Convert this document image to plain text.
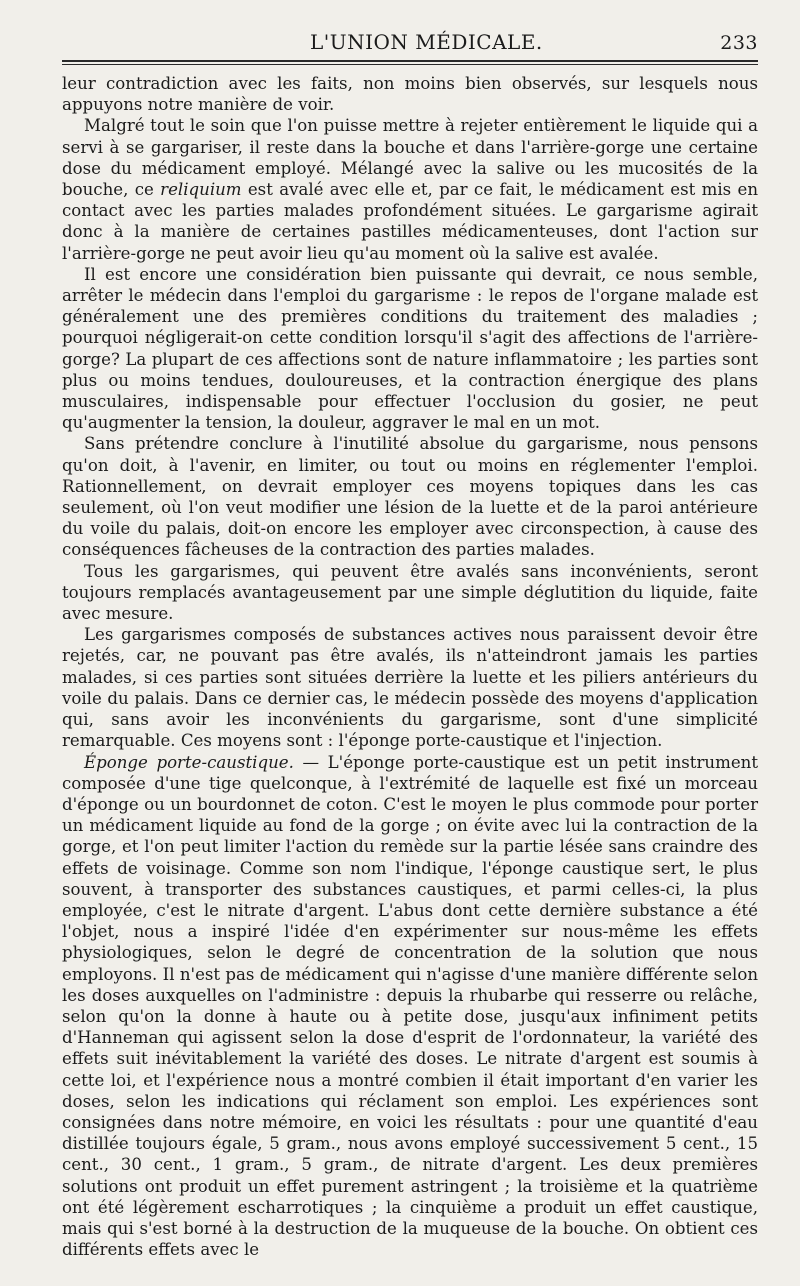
L'UNION MÉDICALE.	233

leur contradiction avec les faits, non moins bien observés, sur lesquels nous appuyons notre manière de voir.

Malgré tout le soin que l'on puisse mettre à rejeter entièrement le liquide qui a servi à se gargariser, il reste dans la bouche et dans l'arrière-gorge une certaine dose du médicament employé. Mélangé avec la salive ou les mucosités de la bouche, ce reliquium est avalé avec elle et, par ce fait, le médicament est mis en contact avec les parties malades profondément situées. Le gargarisme agirait donc à la manière de certaines pastilles médicamenteuses, dont l'action sur l'arrière-gorge ne peut avoir lieu qu'au moment où la salive est avalée.

Il est encore une considération bien puissante qui devrait, ce nous semble, arrêter le médecin dans l'emploi du gargarisme : le repos de l'organe malade est généralement une des premières conditions du traitement des maladies ; pourquoi négligerait-on cette condition lorsqu'il s'agit des affections de l'arrière-gorge? La plupart de ces affections sont de nature inflammatoire ; les parties sont plus ou moins tendues, douloureuses, et la contraction énergique des plans musculaires, indispensable pour effectuer l'occlusion du gosier, ne peut qu'augmenter la tension, la douleur, aggraver le mal en un mot.

Sans prétendre conclure à l'inutilité absolue du gargarisme, nous pensons qu'on doit, à l'avenir, en limiter, ou tout ou moins en réglementer l'emploi. Rationnellement, on devrait employer ces moyens topiques dans les cas seulement, où l'on veut modifier une lésion de la luette et de la paroi antérieure du voile du palais, doit-on encore les employer avec circonspection, à cause des conséquences fâcheuses de la contraction des parties malades.

Tous les gargarismes, qui peuvent être avalés sans inconvénients, seront toujours remplacés avantageusement par une simple déglutition du liquide, faite avec mesure.

Les gargarismes composés de substances actives nous paraissent devoir être rejetés, car, ne pouvant pas être avalés, ils n'atteindront jamais les parties malades, si ces parties sont situées derrière la luette et les piliers antérieurs du voile du palais. Dans ce dernier cas, le médecin possède des moyens d'application qui, sans avoir les inconvénients du gargarisme, sont d'une simplicité remarquable. Ces moyens sont : l'éponge porte-caustique et l'injection.

Éponge porte-caustique. — L'éponge porte-caustique est un petit instrument composée d'une tige quelconque, à l'extrémité de laquelle est fixé un morceau d'éponge ou un bourdonnet de coton. C'est le moyen le plus commode pour porter un médicament liquide au fond de la gorge ; on évite avec lui la contraction de la gorge, et l'on peut limiter l'action du remède sur la partie lésée sans craindre des effets de voisinage. Comme son nom l'indique, l'éponge caustique sert, le plus souvent, à transporter des substances caustiques, et parmi celles-ci, la plus employée, c'est le nitrate d'argent. L'abus dont cette dernière substance a été l'objet, nous a inspiré l'idée d'en expérimenter sur nous-même les effets physiologiques, selon le degré de concentration de la solution que nous employons. Il n'est pas de médicament qui n'agisse d'une manière différente selon les doses auxquelles on l'administre : depuis la rhubarbe qui resserre ou relâche, selon qu'on la donne à haute ou à petite dose, jusqu'aux infiniment petits d'Hanneman qui agissent selon la dose d'esprit de l'ordonnateur, la variété des effets suit inévitablement la variété des doses. Le nitrate d'argent est soumis à cette loi, et l'expérience nous a montré combien il était important d'en varier les doses, selon les indications qui réclament son emploi. Les expériences sont consignées dans notre mémoire, en voici les résultats : pour une quantité d'eau distillée toujours égale, 5 gram., nous avons employé successivement 5 cent., 15 cent., 30 cent., 1 gram., 5 gram., de nitrate d'argent. Les deux premières solutions ont produit un effet purement astringent ; la troisième et la quatrième ont été légèrement escharrotiques ; la cinquième a produit un effet caustique, mais qui s'est borné à la destruction de la muqueuse de la bouche. On obtient ces différents effets avec le
